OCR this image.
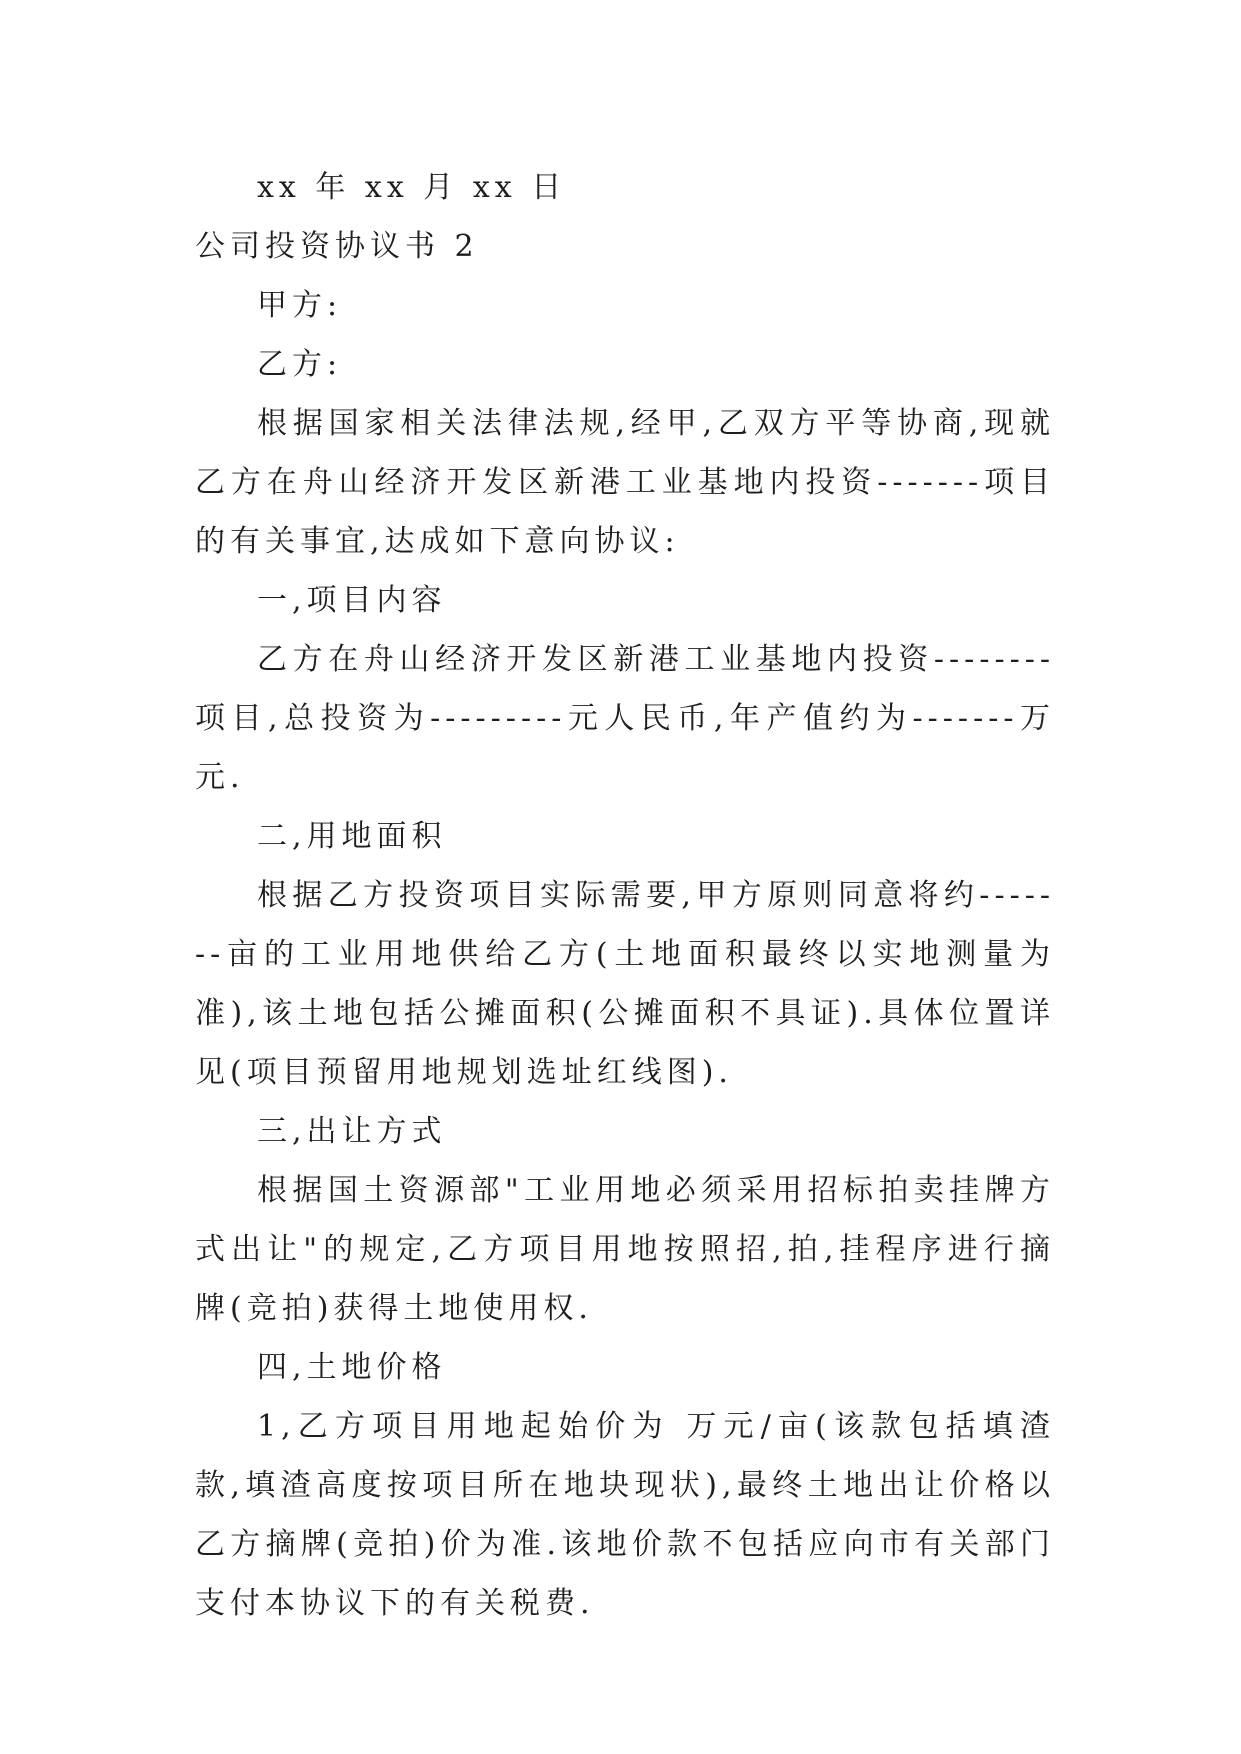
xx 年 xx 月 xx 日

公司投资协议书 2

甲方:

乙方:

根据国家相关法律法规,经甲,乙双方平等协商,现就乙方在舟山经济开发区新港工业基地内投资-------项目的有关事宜,达成如下意向协议:

一,项目内容

乙方在舟山经济开发区新港工业基地内投资--------项目,总投资为---------元人民币,年产值约为-------万元.

二,用地面积

根据乙方投资项目实际需要,甲方原则同意将约-------亩的工业用地供给乙方(土地面积最终以实地测量为准),该土地包括公摊面积(公摊面积不具证).具体位置详见(项目预留用地规划选址红线图).

三,出让方式

根据国土资源部"工业用地必须采用招标拍卖挂牌方式出让"的规定,乙方项目用地按照招,拍,挂程序进行摘牌(竞拍)获得土地使用权.

四,土地价格

1,乙方项目用地起始价为 万元/亩(该款包括填渣款,填渣高度按项目所在地块现状),最终土地出让价格以乙方摘牌(竞拍)价为准.该地价款不包括应向市有关部门支付本协议下的有关税费.
